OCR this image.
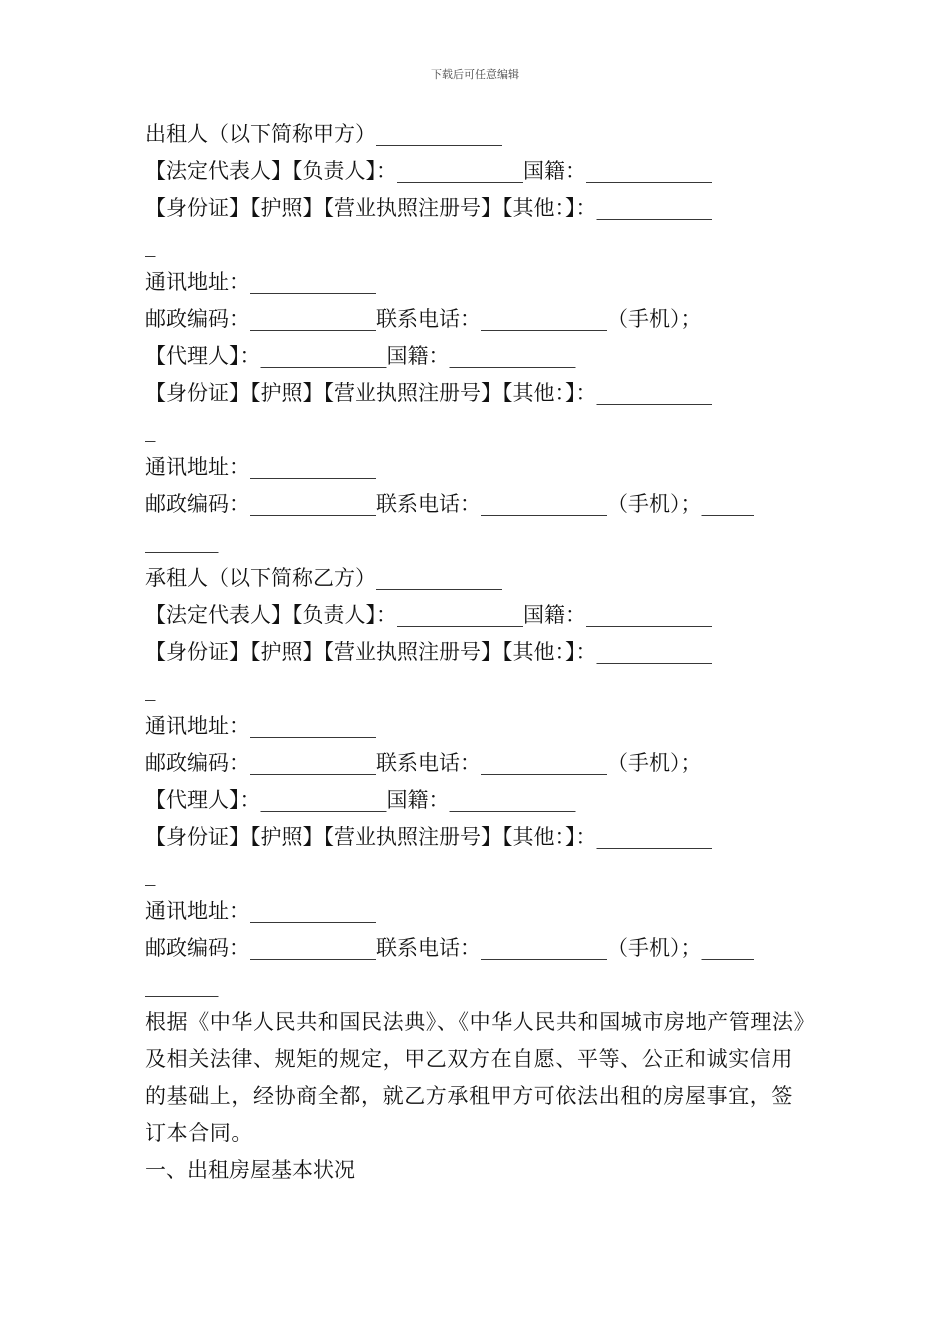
下载后可任意编辑
出租人（以下简称甲方）____________
【法定代表人】【负责人】：____________国籍：____________
【身份证】【护照】【营业执照注册号】【其他：】：___________
_
通讯地址：____________
邮政编码：____________联系电话：____________（手机）；
【代理人】：____________国籍：____________
【身份证】【护照】【营业执照注册号】【其他：】：___________
_
通讯地址：____________
邮政编码：____________联系电话：____________（手机）；_____
_______
承租人（以下简称乙方）____________
【法定代表人】【负责人】：____________国籍：____________
【身份证】【护照】【营业执照注册号】【其他：】：___________
_
通讯地址：____________
邮政编码：____________联系电话：____________（手机）；
【代理人】：____________国籍：____________
【身份证】【护照】【营业执照注册号】【其他：】：___________
_
通讯地址：____________
邮政编码：____________联系电话：____________（手机）；_____
_______
根据《中华人民共和国民法典》、《中华人民共和国城市房地产管理法》及相关法律、规矩的规定，甲乙双方在自愿、平等、公正和诚实信用的基础上，经协商全都，就乙方承租甲方可依法出租的房屋事宜，签订本合同。
一、出租房屋基本状况
